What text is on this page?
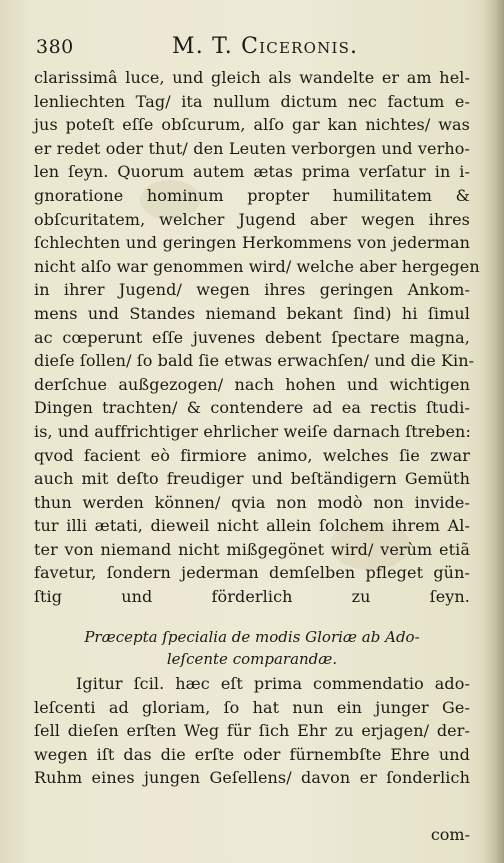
380	M. T. Ciceronis.
clarissimâ luce, und gleich als wandelte er am hel-
lenliechten Tag/ ita nullum dictum nec factum e-
jus poteſt eſſe obſcurum, alſo gar kan nichtes/ was
er redet oder thut/ den Leuten verborgen und verho-
len ſeyn. Quorum autem ætas prima verſatur in i-
gnoratione hominum propter humilitatem &
obſcuritatem, welcher Jugend aber wegen ihres
ſchlechten und geringen Herkommens von jederman
nicht alſo war genommen wird/ welche aber hergegen
in ihrer Jugend/ wegen ihres geringen Ankom-
mens und Standes niemand bekant ſind) hi ſimul
ac cœperunt eſſe juvenes debent ſpectare magna,
dieſe ſollen/ ſo bald ſie etwas erwachſen/ und die Kin-
derſchue außgezogen/ nach hohen und wichtigen
Dingen trachten/ & contendere ad ea rectis ſtudi-
is, und auffrichtiger ehrlicher weiſe darnach ſtreben:
qvod facient eò firmiore animo, welches ſie zwar
auch mit deſto freudiger und beſtändigern Gemüth
thun werden können/ qvia non modò non invide-
tur illi ætati, dieweil nicht allein ſolchem ihrem Al-
ter von niemand nicht mißgegönet wird/ verùm etiã
favetur, ſondern jederman demſelben pfleget gün-
ſtig und förderlich zu ſeyn.
Præcepta ſpecialia de modis Gloriæ ab Ado-
leſcente comparandæ.
Igitur ſcil. hæc eſt prima commendatio ado-
leſcenti ad gloriam, ſo hat nun ein junger Ge-
ſell dieſen erſten Weg für ſich Ehr zu erjagen/ der-
wegen iſt das die erſte oder fürnembſte Ehre und
Ruhm eines jungen Geſellens/ davon er ſonderlich
com-
